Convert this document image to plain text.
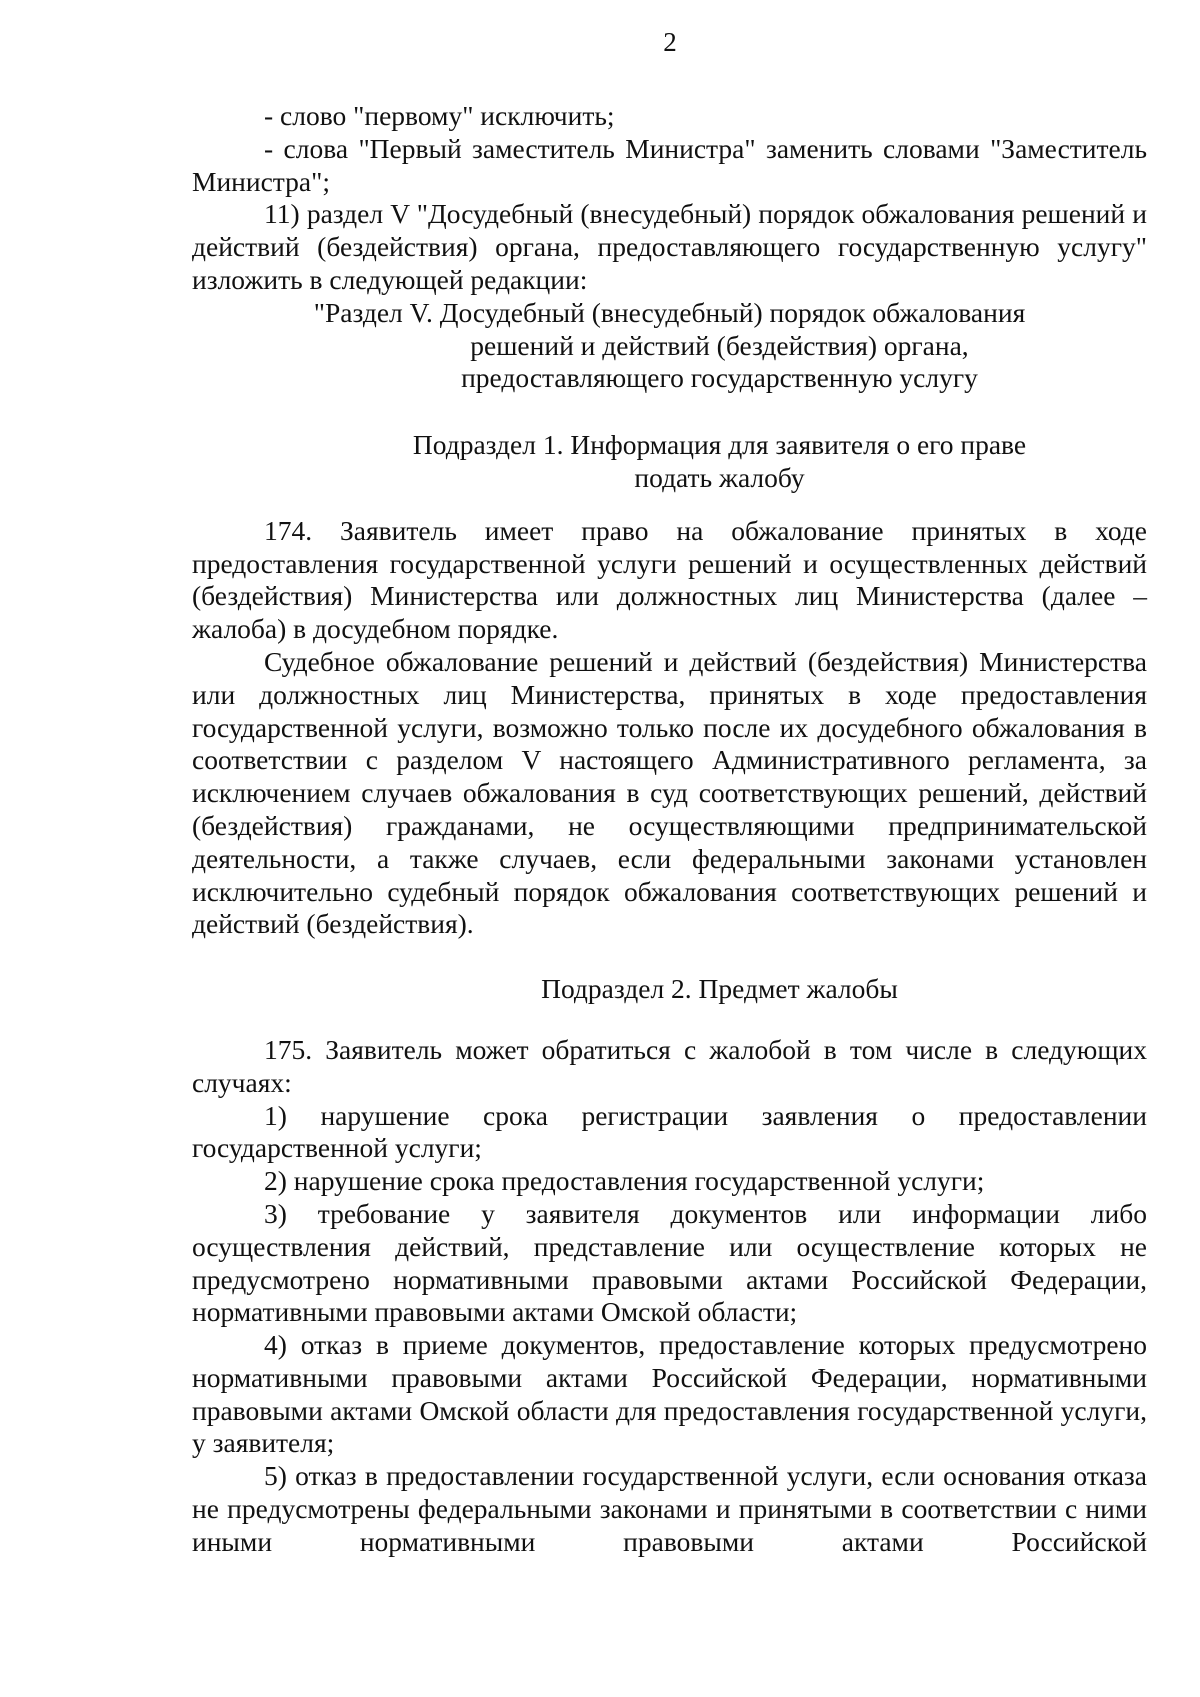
2

- слово "первому" исключить;

- слова "Первый заместитель Министра" заменить словами "Заместитель Министра";

11) раздел V "Досудебный (внесудебный) порядок обжалования решений и действий (бездействия) органа, предоставляющего государственную услугу" изложить в следующей редакции:

"Раздел V. Досудебный (внесудебный) порядок обжалования

решений и действий (бездействия) органа,

предоставляющего государственную услугу

Подраздел 1. Информация для заявителя о его праве

подать жалобу

174. Заявитель имеет право на обжалование принятых в ходе предоставления государственной услуги решений и осуществленных действий (бездействия) Министерства или должностных лиц Министерства (далее – жалоба) в досудебном порядке.

Судебное обжалование решений и действий (бездействия) Министерства или должностных лиц Министерства, принятых в ходе предоставления государственной услуги, возможно только после их досудебного обжалования в соответствии с разделом V настоящего Административного регламента, за исключением случаев обжалования в суд соответствующих решений, действий (бездействия) гражданами, не осуществляющими предпринимательской деятельности, а также случаев, если федеральными законами установлен исключительно судебный порядок обжалования соответствующих решений и действий (бездействия).

Подраздел 2. Предмет жалобы

175. Заявитель может обратиться с жалобой в том числе в следующих случаях:

1) нарушение срока регистрации заявления о предоставлении государственной услуги;

2) нарушение срока предоставления государственной услуги;

3) требование у заявителя документов или информации либо осуществления действий, представление или осуществление которых не предусмотрено нормативными правовыми актами Российской Федерации, нормативными правовыми актами Омской области;

4) отказ в приеме документов, предоставление которых предусмотрено нормативными правовыми актами Российской Федерации, нормативными правовыми актами Омской области для предоставления государственной услуги, у заявителя;

5) отказ в предоставлении государственной услуги, если основания отказа не предусмотрены федеральными законами и принятыми в соответствии с ними иными нормативными правовыми актами Российской
